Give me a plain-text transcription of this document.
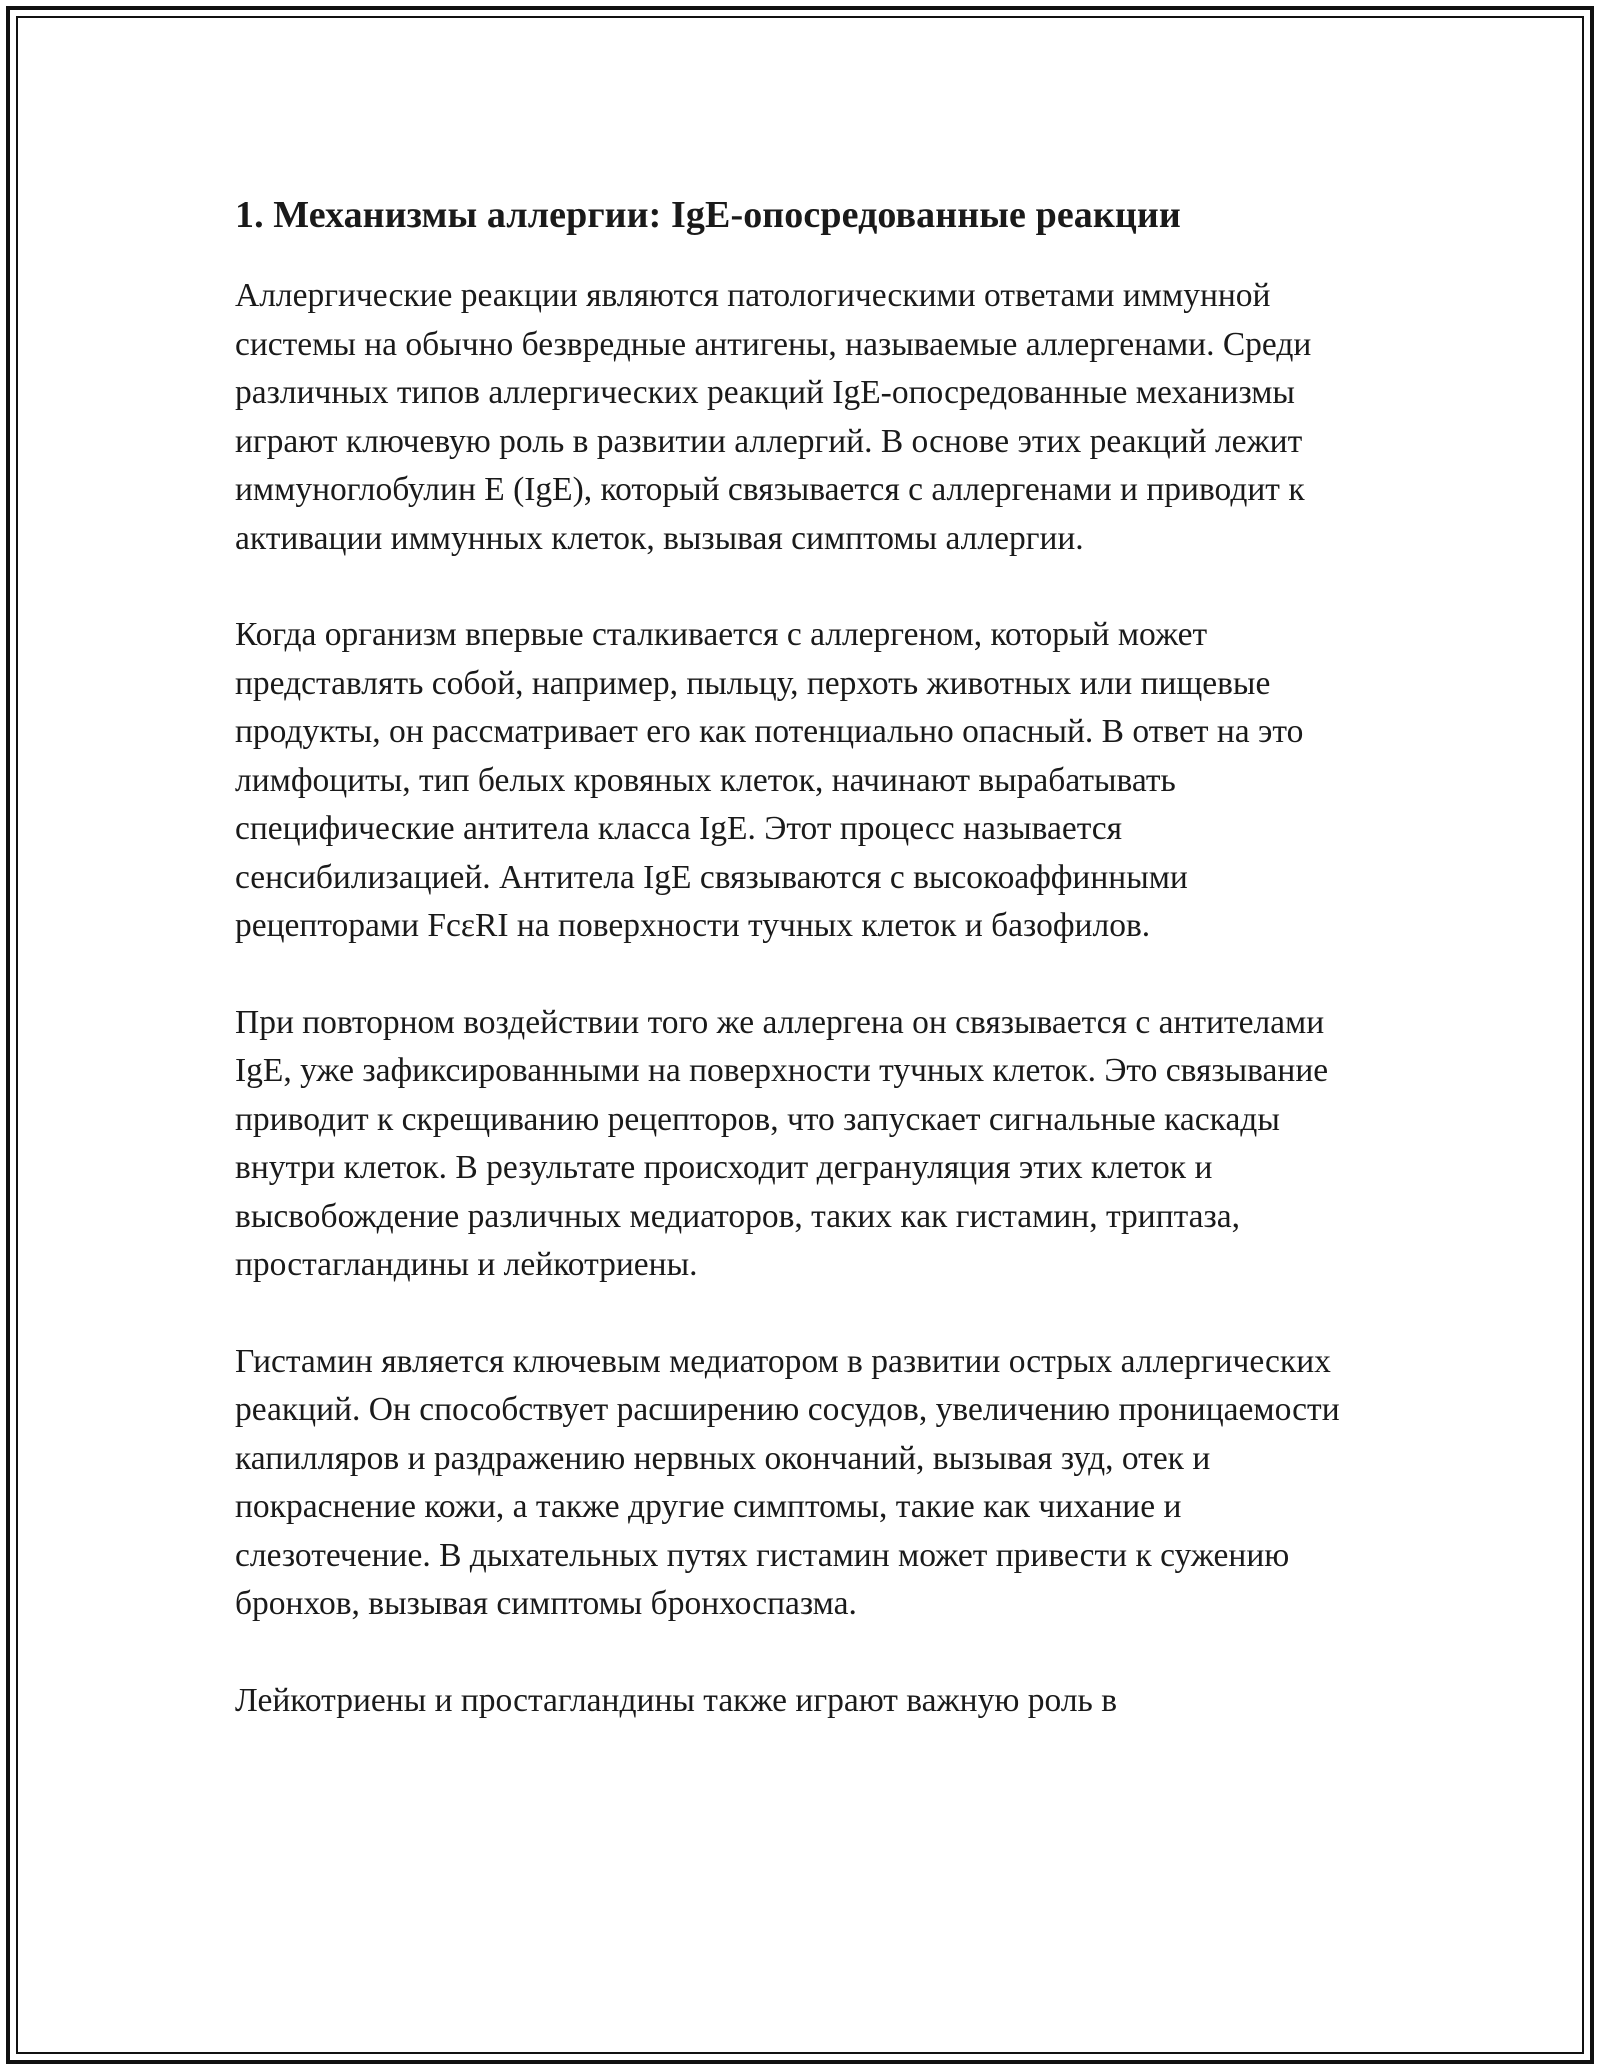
1. Механизмы аллергии: IgE-опосредованные реакции

Аллергические реакции являются патологическими ответами иммунной системы на обычно безвредные антигены, называемые аллергенами. Среди различных типов аллергических реакций IgE-опосредованные механизмы играют ключевую роль в развитии аллергий. В основе этих реакций лежит иммуноглобулин E (IgE), который связывается с аллергенами и приводит к активации иммунных клеток, вызывая симптомы аллергии.

Когда организм впервые сталкивается с аллергеном, который может представлять собой, например, пыльцу, перхоть животных или пищевые продукты, он рассматривает его как потенциально опасный. В ответ на это лимфоциты, тип белых кровяных клеток, начинают вырабатывать специфические антитела класса IgE. Этот процесс называется сенсибилизацией. Антитела IgE связываются с высокоаффинными рецепторами FcεRI на поверхности тучных клеток и базофилов.

При повторном воздействии того же аллергена он связывается с антителами IgE, уже зафиксированными на поверхности тучных клеток. Это связывание приводит к скрещиванию рецепторов, что запускает сигнальные каскады внутри клеток. В результате происходит дегрануляция этих клеток и высвобождение различных медиаторов, таких как гистамин, триптаза, простагландины и лейкотриены.

Гистамин является ключевым медиатором в развитии острых аллергических реакций. Он способствует расширению сосудов, увеличению проницаемости капилляров и раздражению нервных окончаний, вызывая зуд, отек и покраснение кожи, а также другие симптомы, такие как чихание и слезотечение. В дыхательных путях гистамин может привести к сужению бронхов, вызывая симптомы бронхоспазма.

Лейкотриены и простагландины также играют важную роль в
